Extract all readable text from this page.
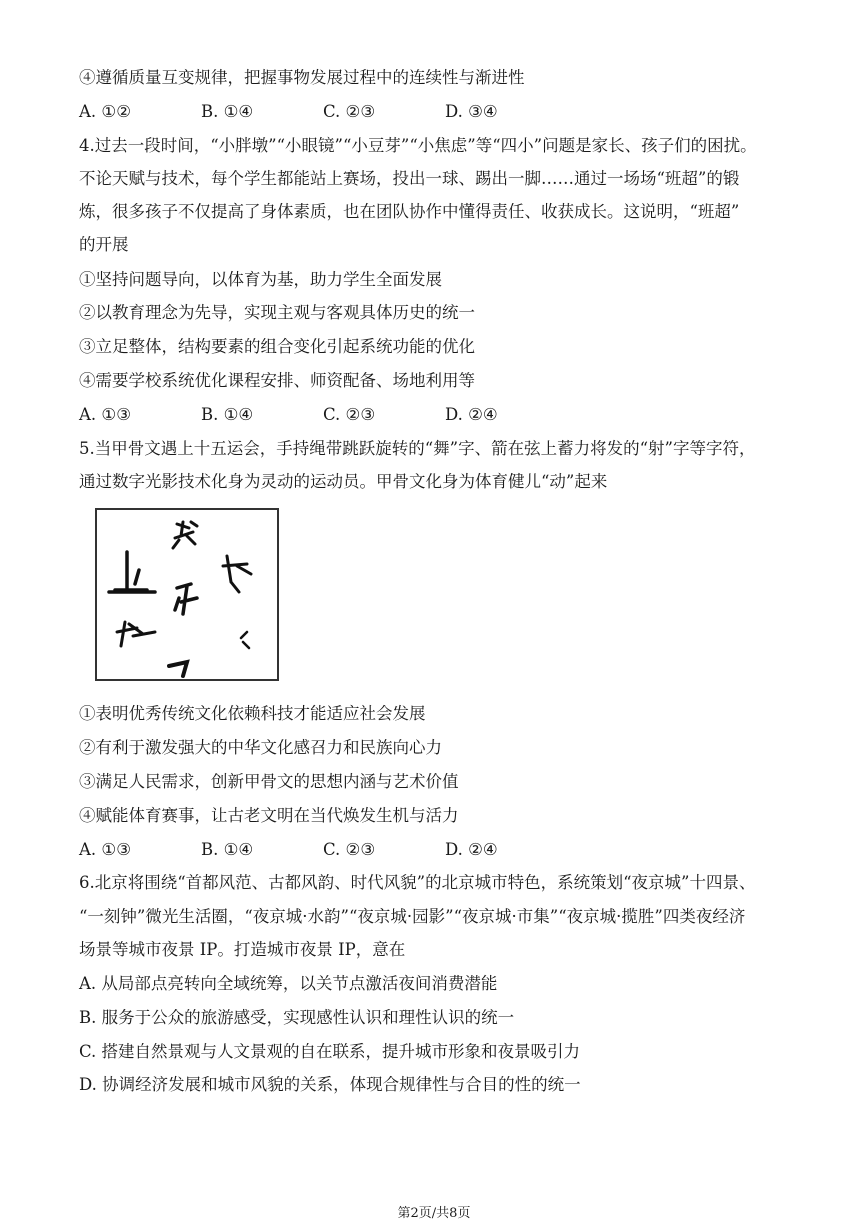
④遵循质量互变规律，把握事物发展过程中的连续性与渐进性
A. ①②	B. ①④	C. ②③	D. ③④
4.过去一段时间，“小胖墩”“小眼镜”“小豆芽”“小焦虑”等“四小”问题是家长、孩子们的困扰。
不论天赋与技术，每个学生都能站上赛场，投出一球、踢出一脚……通过一场场“班超”的锻
炼，很多孩子不仅提高了身体素质，也在团队协作中懂得责任、收获成长。这说明，“班超”
的开展
①坚持问题导向，以体育为基，助力学生全面发展
②以教育理念为先导，实现主观与客观具体历史的统一
③立足整体，结构要素的组合变化引起系统功能的优化
④需要学校系统优化课程安排、师资配备、场地利用等
A. ①③	B. ①④	C. ②③	D. ②④
5.当甲骨文遇上十五运会，手持绳带跳跃旋转的“舞”字、箭在弦上蓄力将发的“射”字等字符，
通过数字光影技术化身为灵动的运动员。甲骨文化身为体育健儿“动”起来
①表明优秀传统文化依赖科技才能适应社会发展
②有利于激发强大的中华文化感召力和民族向心力
③满足人民需求，创新甲骨文的思想内涵与艺术价值
④赋能体育赛事，让古老文明在当代焕发生机与活力
A. ①③	B. ①④	C. ②③	D. ②④
6.北京将围绕“首都风范、古都风韵、时代风貌”的北京城市特色，系统策划“夜京城”十四景、
“一刻钟”微光生活圈，“夜京城·水韵”“夜京城·园影”“夜京城·市集”“夜京城·揽胜”四类夜经济
场景等城市夜景 IP。打造城市夜景 IP，意在
A. 从局部点亮转向全域统筹，以关节点激活夜间消费潜能
B. 服务于公众的旅游感受，实现感性认识和理性认识的统一
C. 搭建自然景观与人文景观的自在联系，提升城市形象和夜景吸引力
D. 协调经济发展和城市风貌的关系，体现合规律性与合目的性的统一
第2页/共8页
